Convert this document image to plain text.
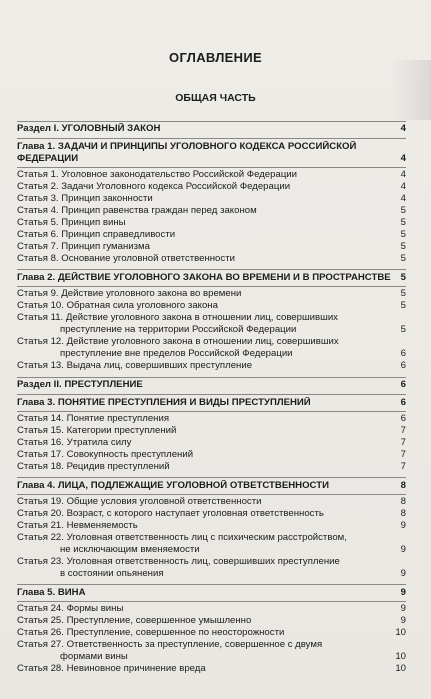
ОГЛАВЛЕНИЕ
ОБЩАЯ ЧАСТЬ
Раздел I. УГОЛОВНЫЙ ЗАКОН	4
Глава 1. ЗАДАЧИ И ПРИНЦИПЫ УГОЛОВНОГО КОДЕКСА РОССИЙСКОЙ ФЕДЕРАЦИИ	4
Статья 1. Уголовное законодательство Российской Федерации	4
Статья 2. Задачи Уголовного кодекса Российской Федерации	4
Статья 3. Принцип законности	4
Статья 4. Принцип равенства граждан перед законом	5
Статья 5. Принцип вины	5
Статья 6. Принцип справедливости	5
Статья 7. Принцип гуманизма	5
Статья 8. Основание уголовной ответственности	5
Глава 2. ДЕЙСТВИЕ УГОЛОВНОГО ЗАКОНА ВО ВРЕМЕНИ И В ПРОСТРАНСТВЕ	5
Статья 9. Действие уголовного закона во времени	5
Статья 10. Обратная сила уголовного закона	5
Статья 11. Действие уголовного закона в отношении лиц, совершивших
преступление на территории Российской Федерации	5
Статья 12. Действие уголовного закона в отношении лиц, совершивших
преступление вне пределов Российской Федерации	6
Статья 13. Выдача лиц, совершивших преступление	6
Раздел II. ПРЕСТУПЛЕНИЕ	6
Глава 3. ПОНЯТИЕ ПРЕСТУПЛЕНИЯ И ВИДЫ ПРЕСТУПЛЕНИЙ	6
Статья 14. Понятие преступления	6
Статья 15. Категории преступлений	7
Статья 16. Утратила силу	7
Статья 17. Совокупность преступлений	7
Статья 18. Рецидив преступлений	7
Глава 4. ЛИЦА, ПОДЛЕЖАЩИЕ УГОЛОВНОЙ ОТВЕТСТВЕННОСТИ	8
Статья 19. Общие условия уголовной ответственности	8
Статья 20. Возраст, с которого наступает уголовная ответственность	8
Статья 21. Невменяемость	9
Статья 22. Уголовная ответственность лиц с психическим расстройством,
не исключающим вменяемости	9
Статья 23. Уголовная ответственность лиц, совершивших преступление
в состоянии опьянения	9
Глава 5. ВИНА	9
Статья 24. Формы вины	9
Статья 25. Преступление, совершенное умышленно	9
Статья 26. Преступление, совершенное по неосторожности	10
Статья 27. Ответственность за преступление, совершенное с двумя
формами вины	10
Статья 28. Невиновное причинение вреда	10
